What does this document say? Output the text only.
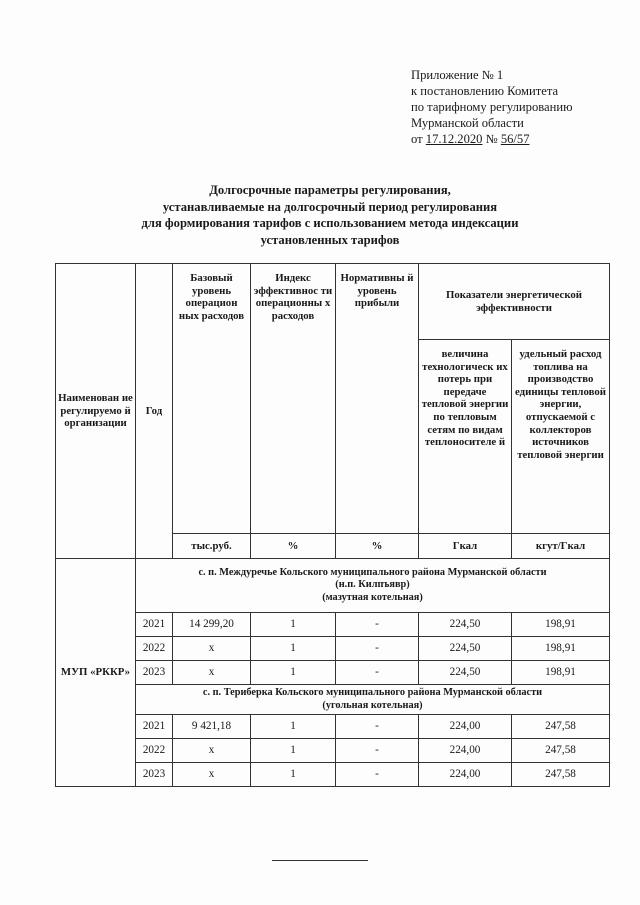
Приложение № 1
к постановлению Комитета
по тарифному регулированию
Мурманской области
от 17.12.2020 № 56/57
Долгосрочные параметры регулирования,
устанавливаемые на долгосрочный период регулирования
для формирования тарифов с использованием метода индексации
установленных тарифов
Наименован ие регулируемо й организации	Год	Базовый уровень операцион ных расходов	Индекс эффективнос ти операционны х расходов	Нормативны й уровень прибыли	Показатели энергетической эффективности	
					величина технологическ их потерь при передаче тепловой энергии по тепловым сетям по видам теплоносителе й	удельный расход топлива на производство единицы тепловой энергии, отпускаемой с коллекторов источников тепловой энергии
		тыс.руб.	%	%	Гкал	кгут/Гкал
МУП «РККР»	с. п. Междуречье Кольского муниципального района Мурманской области
(н.п. Килпъявр)
(мазутная котельная)					

	2021	14 299,20	1	-	224,50	198,91
	2022	x	1	-	224,50	198,91
	2023	x	1	-	224,50	198,91

	с. п. Териберка Кольского муниципального района Мурманской области
(угольная котельная)					

	2021	9 421,18	1	-	224,00	247,58
	2022	x	1	-	224,00	247,58
	2023	x	1	-	224,00	247,58
